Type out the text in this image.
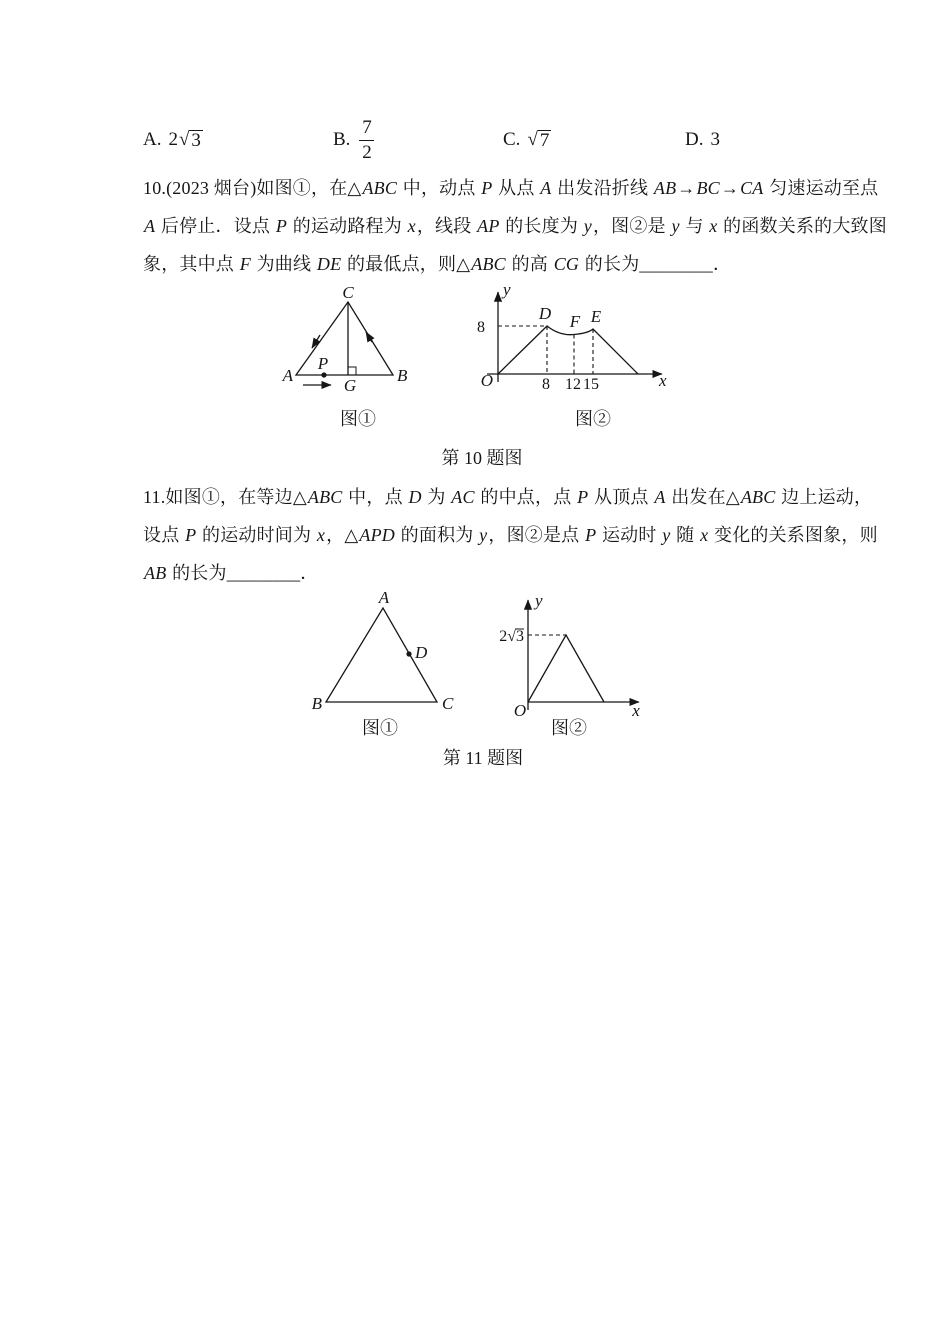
A. 2 √ 3	B. $\frac{7}{2}$	C. √ 7	D. 3
10.(2023 烟台)如图①，在△ABC 中，动点 P 从点 A 出发沿折线 AB→BC→CA 匀速运动至点
A 后停止．设点 P 的运动路程为 x，线段 AP 的长度为 y，图②是 y 与 x 的函数关系的大致图
象，其中点 F 为曲线 DE 的最低点，则△ABC 的高 CG 的长为________．
A	B
C
P
G	O
y
x
8
D F E
8 12 15
图①	图②
第 10 题图
11.如图①，在等边△ABC 中，点 D 为 AC 的中点，点 P 从顶点 A 出发在△ABC 边上运动，
设点 P 的运动时间为 x，△APD 的面积为 y，图②是点 P 运动时 y 随 x 变化的关系图象，则
AB 的长为________．
A
B	C
D
2√3
O
y
x
图①	图②
第 11 题图
